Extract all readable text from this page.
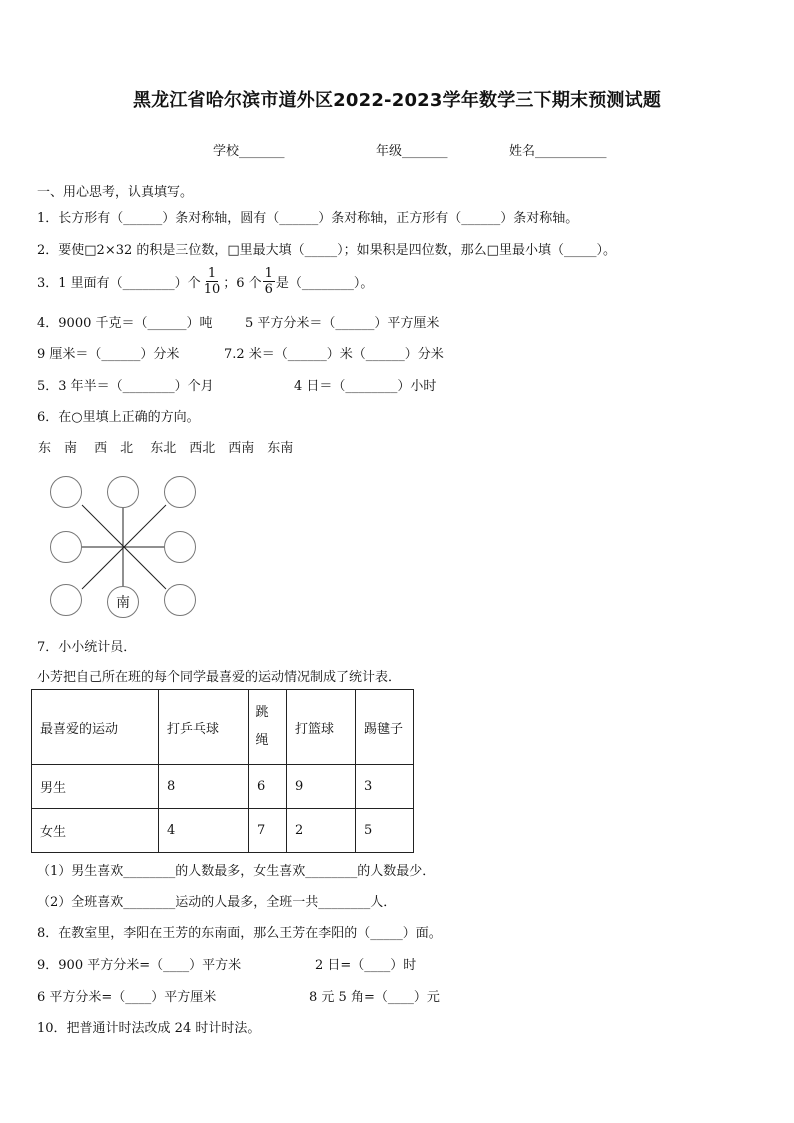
黑龙江省哈尔滨市道外区2022-2023学年数学三下期末预测试题
学校_______	年级_______	姓名___________
一、用心思考，认真填写。
1．长方形有（______）条对称轴，圆有（______）条对称轴，正方形有（______）条对称轴。
2．要使□2×32 的积是三位数，□里最大填（_____）；如果积是四位数，那么□里最小填（_____）。
3．1 里面有（________）个 $\frac{1}{10}$ ；6 个 $\frac{1}{6}$ 是（________）。
4．9000 千克＝（______）吨	5 平方分米＝（______）平方厘米
9 厘米＝（______）分米	7.2 米＝（______）米（______）分米
5．3 年半＝（________）个月	4 日＝（________）小时
6．在○里填上正确的方向。
东　南　 西　北　 东北　西北　西南　东南
南
7．小小统计员．
小芳把自己所在班的每个同学最喜爱的运动情况制成了统计表．
最喜爱的运动	打乒乓球	跳绳	打篮球	踢毽子
男生	8	6	9	3
女生	4	7	2	5
（1）男生喜欢________的人数最多，女生喜欢________的人数最少．
（2）全班喜欢________运动的人最多，全班一共________人．
8．在教室里，李阳在王芳的东南面，那么王芳在李阳的（_____）面。
9．900 平方分米=（____）平方米	2 日=（____）时
6 平方分米=（____）平方厘米	8 元 5 角=（____）元
10．把普通计时法改成 24 时计时法。
